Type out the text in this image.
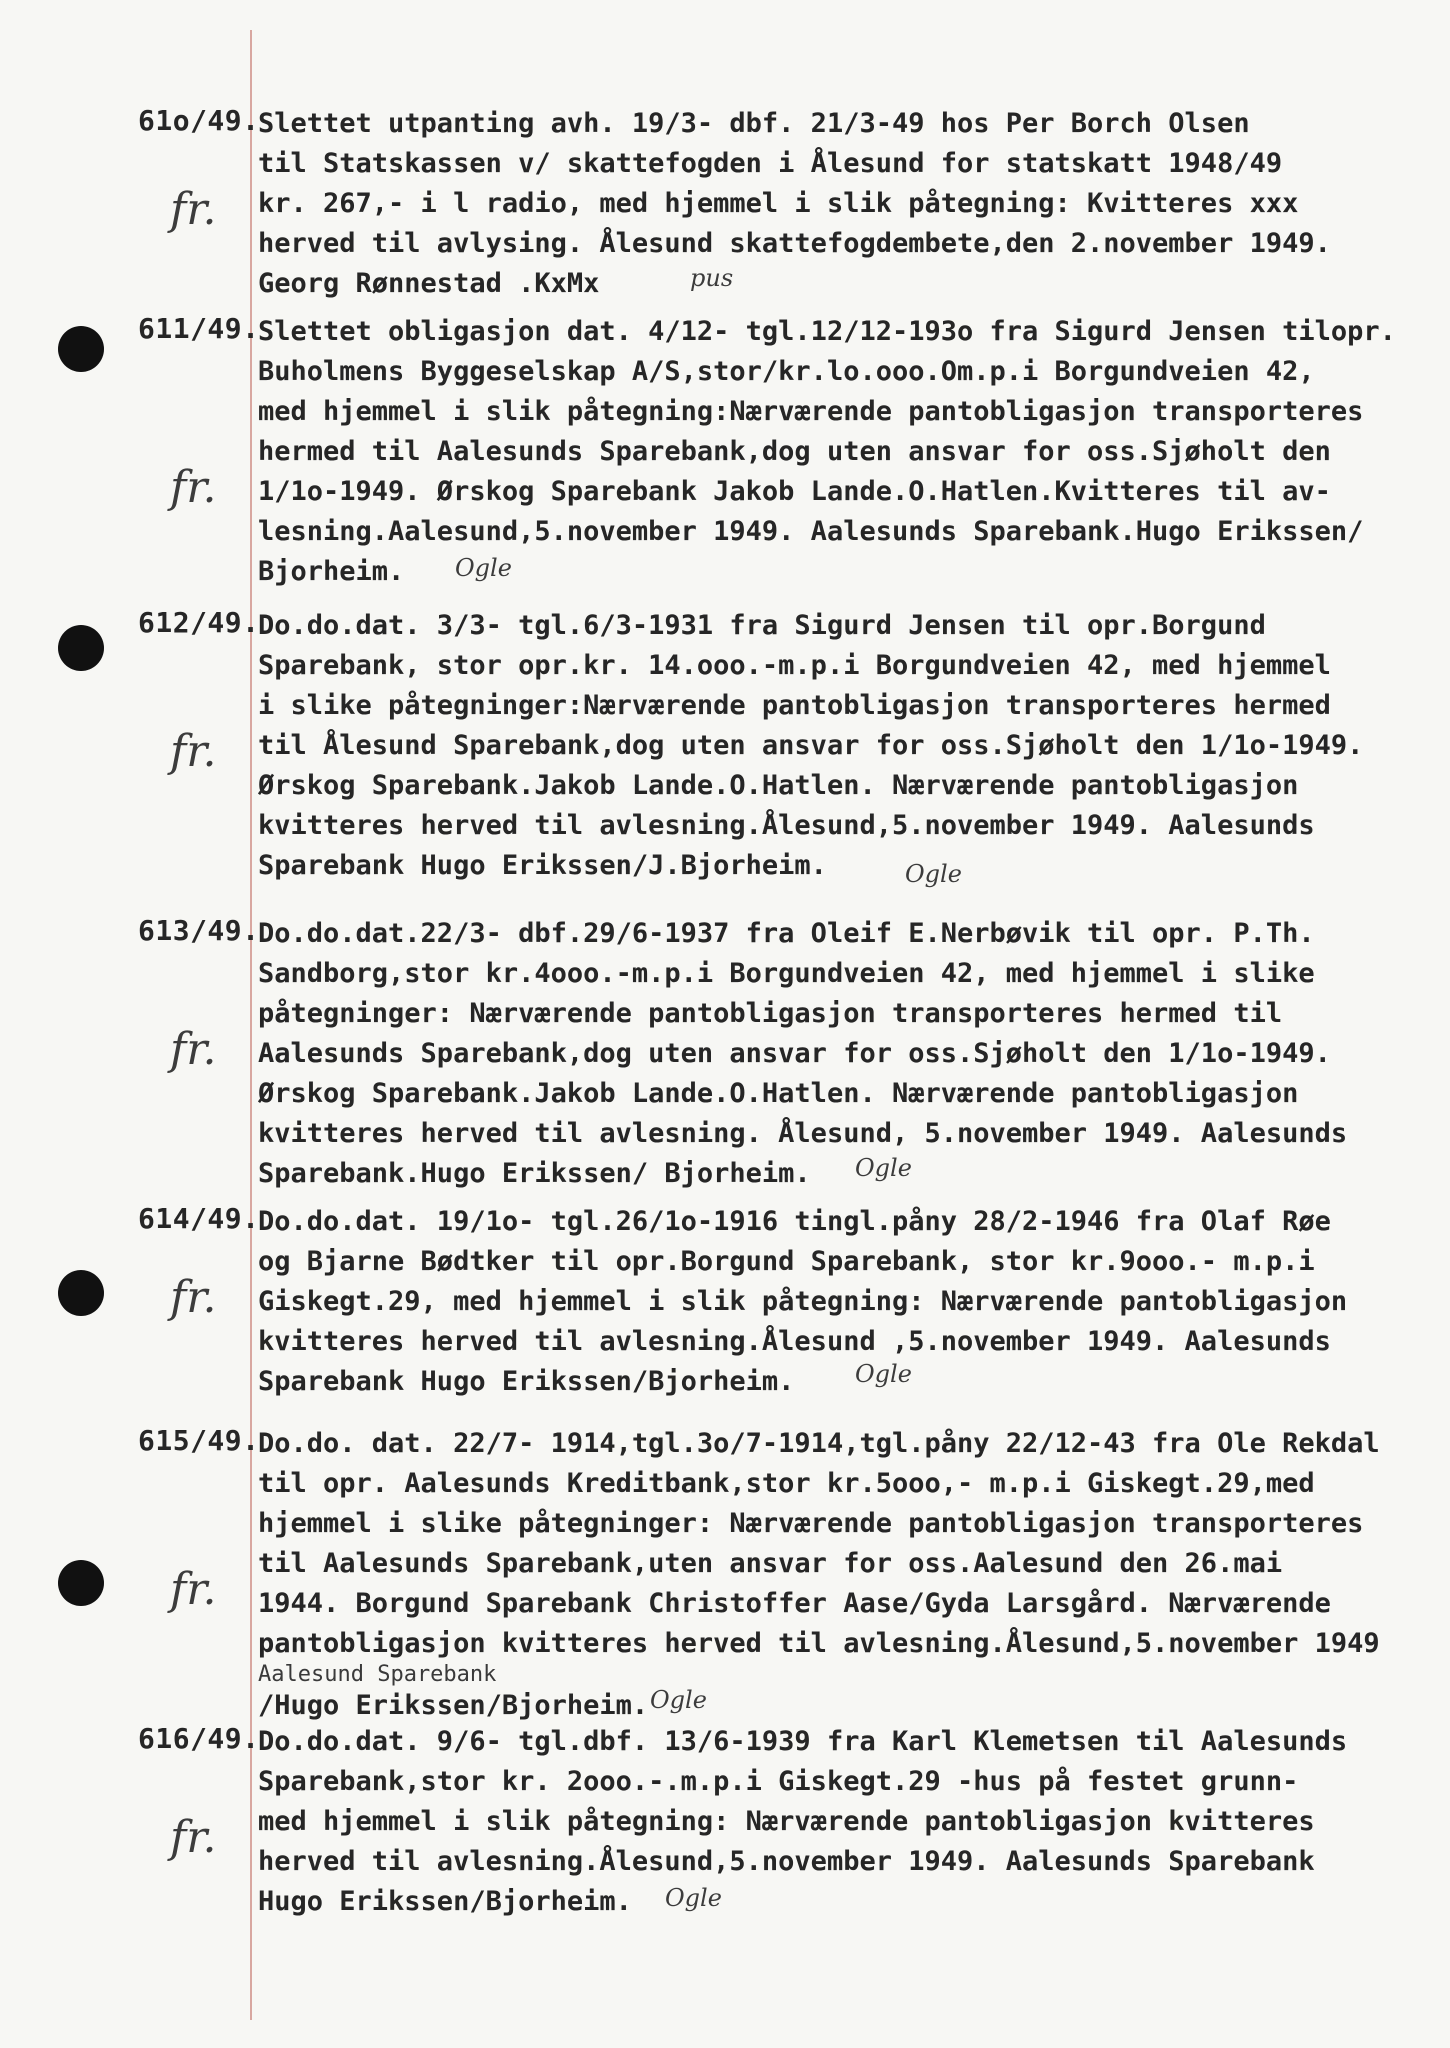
61o/49.
Slettet utpanting avh. 19/3- dbf. 21/3-49 hos Per Borch Olsen
til Statskassen v/ skattefogden i Ålesund for statskatt 1948/49
kr. 267,- i l radio, med hjemmel i slik påtegning: Kvitteres xxx
herved til avlysing. Ålesund skattefogdembete,den 2.november 1949.
Georg Rønnestad .KxMx
fr.
pus
611/49.
Slettet obligasjon dat. 4/12- tgl.12/12-193o fra Sigurd Jensen tilopr.
Buholmens Byggeselskap A/S,stor/kr.lo.ooo.Om.p.i Borgundveien 42,
med hjemmel i slik påtegning:Nærværende pantobligasjon transporteres
hermed til Aalesunds Sparebank,dog uten ansvar for oss.Sjøholt den
1/1o-1949. Ørskog Sparebank Jakob Lande.O.Hatlen.Kvitteres til av-
lesning.Aalesund,5.november 1949. Aalesunds Sparebank.Hugo Erikssen/
Bjorheim.
fr.
Ogle
612/49.
Do.do.dat. 3/3- tgl.6/3-1931 fra Sigurd Jensen til opr.Borgund
Sparebank, stor opr.kr. 14.ooo.-m.p.i Borgundveien 42, med hjemmel
i slike påtegninger:Nærværende pantobligasjon transporteres hermed
til Ålesund Sparebank,dog uten ansvar for oss.Sjøholt den 1/1o-1949.
Ørskog Sparebank.Jakob Lande.O.Hatlen. Nærværende pantobligasjon
kvitteres herved til avlesning.Ålesund,5.november 1949. Aalesunds
Sparebank Hugo Erikssen/J.Bjorheim.
fr.
Ogle
613/49.
Do.do.dat.22/3- dbf.29/6-1937 fra Oleif E.Nerbøvik til opr. P.Th.
Sandborg,stor kr.4ooo.-m.p.i Borgundveien 42, med hjemmel i slike
påtegninger: Nærværende pantobligasjon transporteres hermed til
Aalesunds Sparebank,dog uten ansvar for oss.Sjøholt den 1/1o-1949.
Ørskog Sparebank.Jakob Lande.O.Hatlen. Nærværende pantobligasjon
kvitteres herved til avlesning. Ålesund, 5.november 1949. Aalesunds
Sparebank.Hugo Erikssen/ Bjorheim.
fr.
Ogle
614/49.
Do.do.dat. 19/1o- tgl.26/1o-1916 tingl.påny 28/2-1946 fra Olaf Røe
og Bjarne Bødtker til opr.Borgund Sparebank, stor kr.9ooo.- m.p.i
Giskegt.29, med hjemmel i slik påtegning: Nærværende pantobligasjon
kvitteres herved til avlesning.Ålesund ,5.november 1949. Aalesunds
Sparebank Hugo Erikssen/Bjorheim.
fr.
Ogle
615/49.
Do.do. dat. 22/7- 1914,tgl.3o/7-1914,tgl.påny 22/12-43 fra Ole Rekdal
til opr. Aalesunds Kreditbank,stor kr.5ooo,- m.p.i Giskegt.29,med
hjemmel i slike påtegninger: Nærværende pantobligasjon transporteres
til Aalesunds Sparebank,uten ansvar for oss.Aalesund den 26.mai
1944. Borgund Sparebank Christoffer Aase/Gyda Larsgård. Nærværende
pantobligasjon kvitteres herved til avlesning.Ålesund,5.november 1949
Aalesund Sparebank
/Hugo Erikssen/Bjorheim.
fr.
Ogle
616/49.
Do.do.dat. 9/6- tgl.dbf. 13/6-1939 fra Karl Klemetsen til Aalesunds
Sparebank,stor kr. 2ooo.-.m.p.i Giskegt.29 -hus på festet grunn-
med hjemmel i slik påtegning: Nærværende pantobligasjon kvitteres
herved til avlesning.Ålesund,5.november 1949. Aalesunds Sparebank
Hugo Erikssen/Bjorheim.
fr.
Ogle
